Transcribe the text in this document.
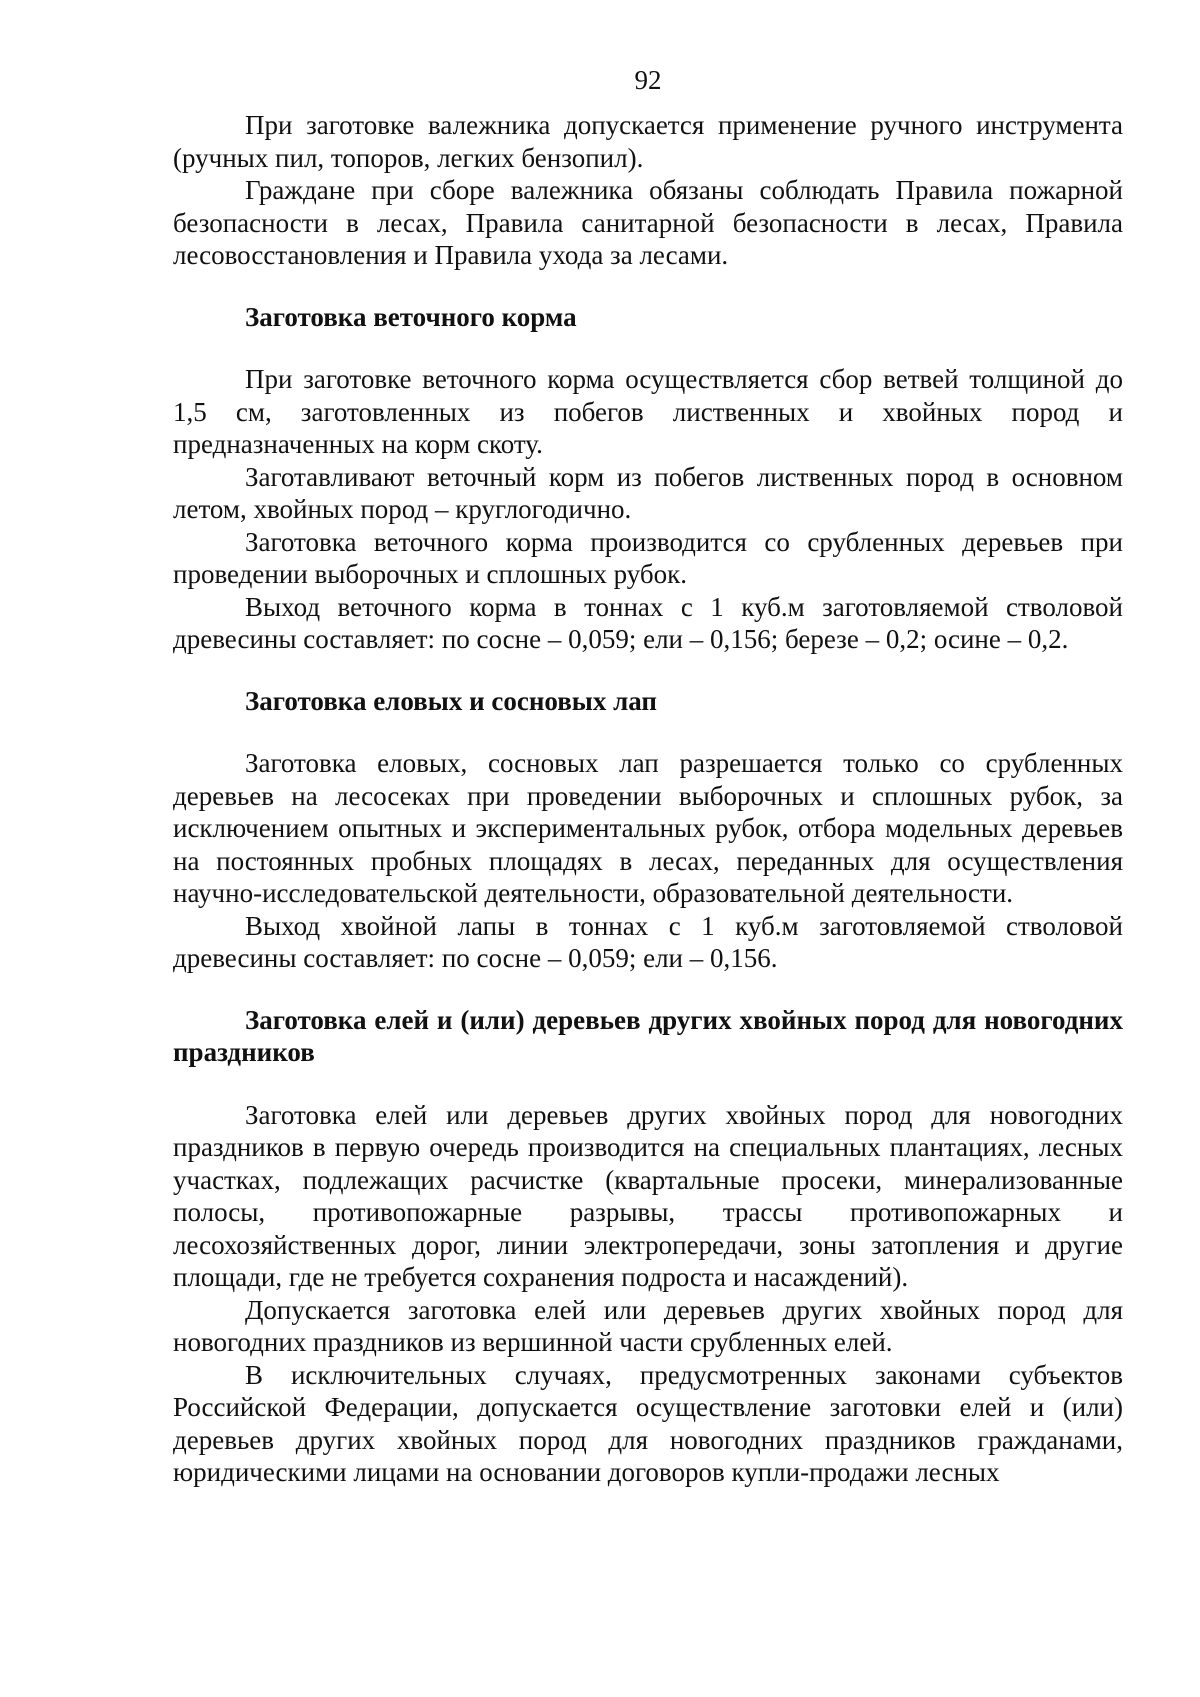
92

При заготовке валежника допускается применение ручного инструмента (ручных пил, топоров, легких бензопил).

Граждане при сборе валежника обязаны соблюдать Правила пожарной безопасности в лесах, Правила санитарной безопасности в лесах, Правила лесовосстановления и Правила ухода за лесами.

Заготовка веточного корма

При заготовке веточного корма осуществляется сбор ветвей толщиной до 1,5 см, заготовленных из побегов лиственных и хвойных пород и предназначенных на корм скоту.

Заготавливают веточный корм из побегов лиственных пород в основном летом, хвойных пород – круглогодично.

Заготовка веточного корма производится со срубленных деревьев при проведении выборочных и сплошных рубок.

Выход веточного корма в тоннах с 1 куб.м заготовляемой стволовой древесины составляет: по сосне – 0,059; ели – 0,156; березе – 0,2; осине – 0,2.

Заготовка еловых и сосновых лап

Заготовка еловых, сосновых лап разрешается только со срубленных деревьев на лесосеках при проведении выборочных и сплошных рубок, за исключением опытных и экспериментальных рубок, отбора модельных деревьев на постоянных пробных площадях в лесах, переданных для осуществления научно-исследовательской деятельности, образовательной деятельности.

Выход хвойной лапы в тоннах с 1 куб.м заготовляемой стволовой древесины составляет: по сосне – 0,059; ели – 0,156.

Заготовка елей и (или) деревьев других хвойных пород для новогодних праздников

Заготовка елей или деревьев других хвойных пород для новогодних праздников в первую очередь производится на специальных плантациях, лесных участках, подлежащих расчистке (квартальные просеки, минерализованные полосы, противопожарные разрывы, трассы противопожарных и лесохозяйственных дорог, линии электропередачи, зоны затопления и другие площади, где не требуется сохранения подроста и насаждений).

Допускается заготовка елей или деревьев других хвойных пород для новогодних праздников из вершинной части срубленных елей.

В исключительных случаях, предусмотренных законами субъектов Российской Федерации, допускается осуществление заготовки елей и (или) деревьев других хвойных пород для новогодних праздников гражданами, юридическими лицами на основании договоров купли-продажи лесных
